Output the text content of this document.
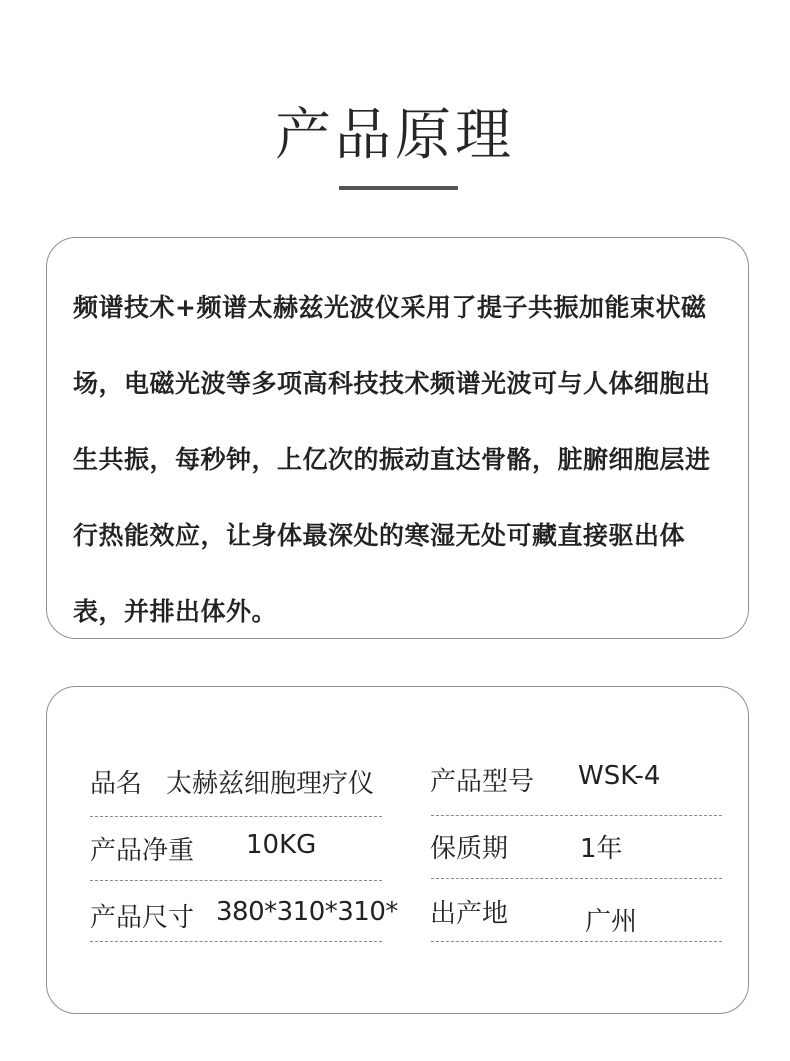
产品原理

频谱技术+频谱太赫兹光波仪采用了提子共振加能束状磁场，电磁光波等多项高科技技术频谱光波可与人体细胞出生共振，每秒钟，上亿次的振动直达骨骼，脏腑细胞层进行热能效应，让身体最深处的寒湿无处可藏直接驱出体表，并排出体外。

品名 太赫兹细胞理疗仪
产品净重 10KG
产品尺寸 380*310*310*
产品型号 WSK-4
保质期	1年
出产地	广州
